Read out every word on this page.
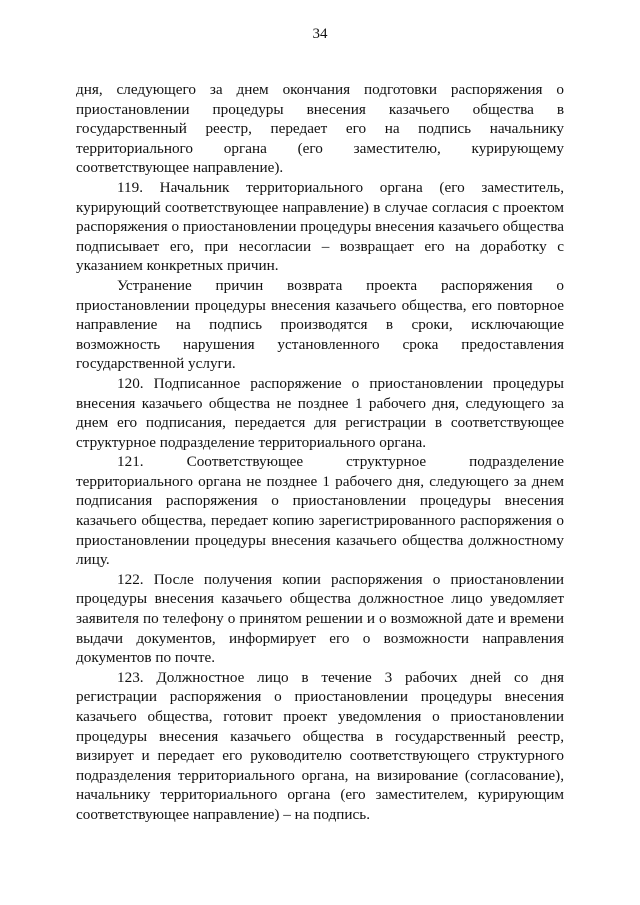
34

дня, следующего за днем окончания подготовки распоряжения о приостановлении процедуры внесения казачьего общества в государственный реестр, передает его на подпись начальнику территориального органа (его заместителю, курирующему соответствующее направление).

119. Начальник территориального органа (его заместитель, курирующий соответствующее направление) в случае согласия с проектом распоряжения о приостановлении процедуры внесения казачьего общества подписывает его, при несогласии – возвращает его на доработку с указанием конкретных причин.

Устранение причин возврата проекта распоряжения о приостановлении процедуры внесения казачьего общества, его повторное направление на подпись производятся в сроки, исключающие возможность нарушения установленного срока предоставления государственной услуги.

120. Подписанное распоряжение о приостановлении процедуры внесения казачьего общества не позднее 1 рабочего дня, следующего за днем его подписания, передается для регистрации в соответствующее структурное подразделение территориального органа.

121. Соответствующее структурное подразделение территориального органа не позднее 1 рабочего дня, следующего за днем подписания распоряжения о приостановлении процедуры внесения казачьего общества, передает копию зарегистрированного распоряжения о приостановлении процедуры внесения казачьего общества должностному лицу.

122. После получения копии распоряжения о приостановлении процедуры внесения казачьего общества должностное лицо уведомляет заявителя по телефону о принятом решении и о возможной дате и времени выдачи документов, информирует его о возможности направления документов по почте.

123. Должностное лицо в течение 3 рабочих дней со дня регистрации распоряжения о приостановлении процедуры внесения казачьего общества, готовит проект уведомления о приостановлении процедуры внесения казачьего общества в государственный реестр, визирует и передает его руководителю соответствующего структурного подразделения территориального органа, на визирование (согласование), начальнику территориального органа (его заместителем, курирующим соответствующее направление) – на подпись.
